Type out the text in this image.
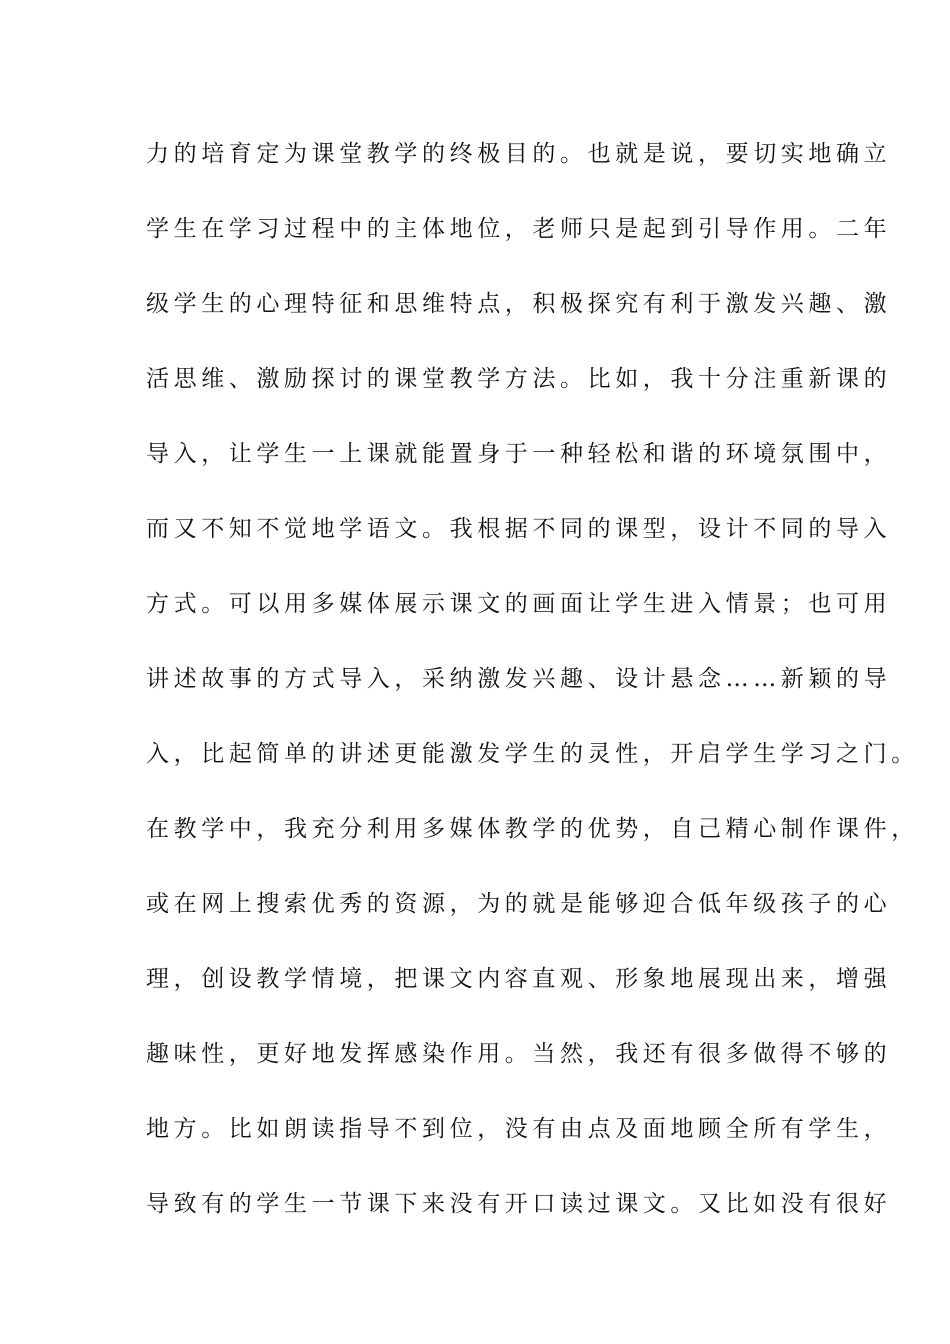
力的培育定为课堂教学的终极目的。也就是说，要切实地确立
学生在学习过程中的主体地位，老师只是起到引导作用。二年
级学生的心理特征和思维特点，积极探究有利于激发兴趣、激
活思维、激励探讨的课堂教学方法。比如，我十分注重新课的
导入，让学生一上课就能置身于一种轻松和谐的环境氛围中，
而又不知不觉地学语文。我根据不同的课型，设计不同的导入
方式。可以用多媒体展示课文的画面让学生进入情景；也可用
讲述故事的方式导入，采纳激发兴趣、设计悬念……新颖的导
入，比起简单的讲述更能激发学生的灵性，开启学生学习之门。
在教学中，我充分利用多媒体教学的优势，自己精心制作课件，
或在网上搜索优秀的资源，为的就是能够迎合低年级孩子的心
理，创设教学情境，把课文内容直观、形象地展现出来，增强
趣味性，更好地发挥感染作用。当然，我还有很多做得不够的
地方。比如朗读指导不到位，没有由点及面地顾全所有学生，
导致有的学生一节课下来没有开口读过课文。又比如没有很好
